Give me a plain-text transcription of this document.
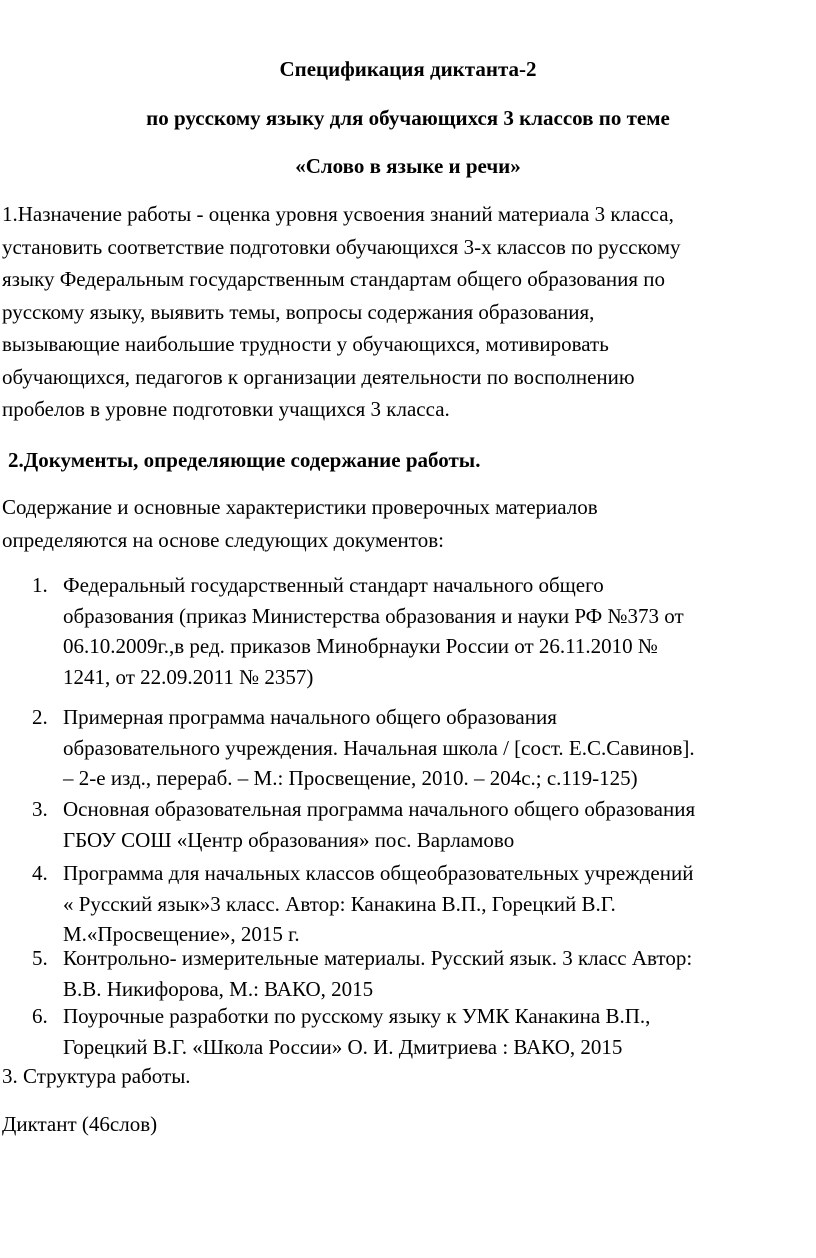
Спецификация диктанта-2
по русскому языку для обучающихся 3 классов по теме
«Слово в языке и речи»
1.Назначение работы - оценка уровня усвоения знаний материала 3 класса,
установить соответствие подготовки обучающихся 3-х классов по русскому
языку Федеральным государственным стандартам общего образования по
русскому языку, выявить темы, вопросы содержания образования,
вызывающие наибольшие трудности у обучающихся, мотивировать
обучающихся, педагогов к организации деятельности по восполнению
пробелов в уровне подготовки учащихся 3 класса.
2.Документы, определяющие содержание работы.
Содержание и основные характеристики проверочных материалов
определяются на основе следующих документов:
1. Федеральный государственный стандарт начального общего
образования (приказ Министерства образования и науки РФ №373 от
06.10.2009г.,в ред. приказов Минобрнауки России от 26.11.2010 №
1241, от 22.09.2011 № 2357)
2. Примерная программа начального общего образования
образовательного учреждения. Начальная школа / [сост. Е.С.Савинов].
– 2-е изд., перераб. – М.: Просвещение, 2010. – 204с.; с.119-125)
3. Основная образовательная программа начального общего образования
ГБОУ СОШ «Центр образования» пос. Варламово
4. Программа для начальных классов общеобразовательных учреждений
« Русский язык»3 класс. Автор: Канакина В.П., Горецкий В.Г.
М.«Просвещение», 2015 г.
5. Контрольно- измерительные материалы. Русский язык. 3 класс Автор:
В.В. Никифорова, М.: ВАКО, 2015
6. Поурочные разработки по русскому языку к УМК Канакина В.П.,
Горецкий В.Г. «Школа России» О. И. Дмитриева : ВАКО, 2015
3. Структура работы.
Диктант (46слов)
